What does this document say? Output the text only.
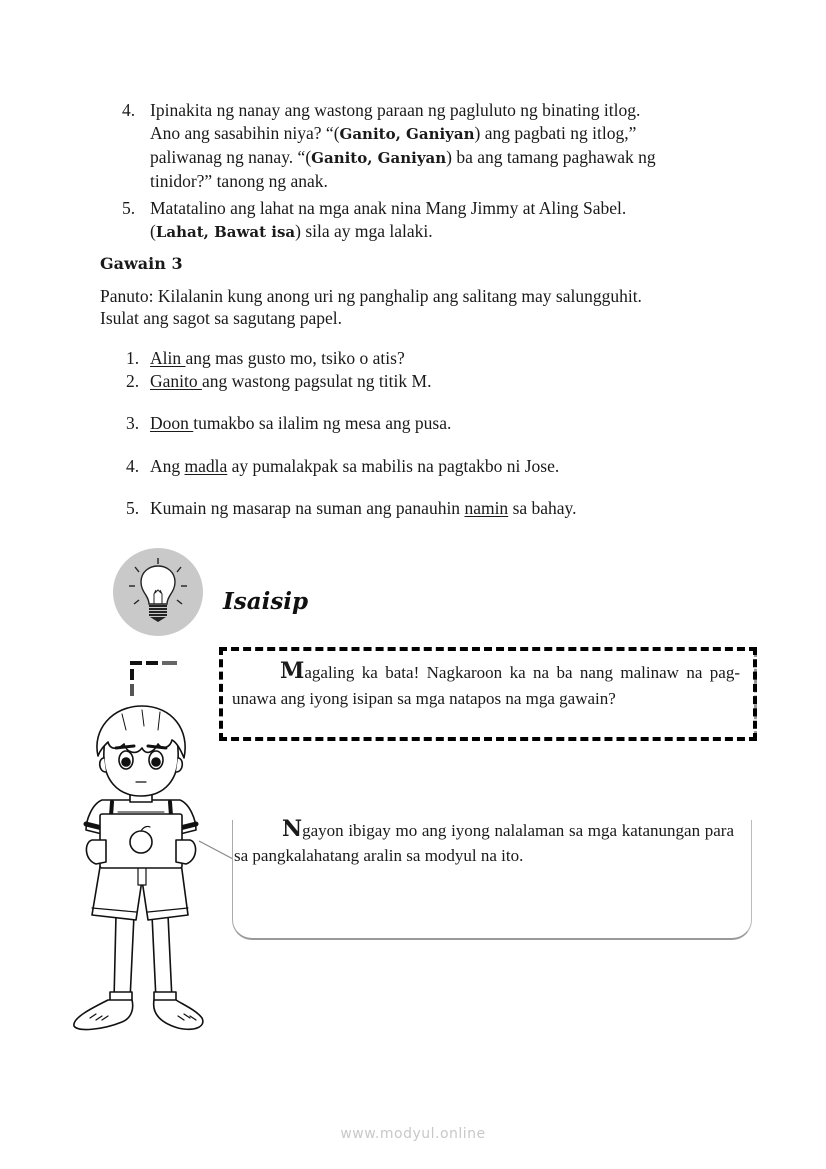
4. Ipinakita ng nanay ang wastong paraan ng pagluluto ng binating itlog.
Ano ang sasabihin niya? “(Ganito, Ganiyan) ang pagbati ng itlog,”
paliwanag ng nanay. “(Ganito, Ganiyan) ba ang tamang paghawak ng
tinidor?” tanong ng anak.
5. Matatalino ang lahat na mga anak nina Mang Jimmy at Aling Sabel.
(Lahat, Bawat isa) sila ay mga lalaki.
Gawain 3
Panuto: Kilalanin kung anong uri ng panghalip ang salitang may salungguhit.
Isulat ang sagot sa sagutang papel.
1. Alin ang mas gusto mo, tsiko o atis?
2. Ganito ang wastong pagsulat ng titik M.
3. Doon tumakbo sa ilalim ng mesa ang pusa.
4. Ang madla ay pumalakpak sa mabilis na pagtakbo ni Jose.
5. Kumain ng masarap na suman ang panauhin namin sa bahay.
Isaisip
Magaling ka bata! Nagkaroon ka na ba nang malinaw na pag-unawa ang iyong isipan sa mga natapos na mga gawain?
Ngayon ibigay mo ang iyong nalalaman sa mga katanungan para sa pangkalahatang aralin sa modyul na ito.
www.modyul.online
